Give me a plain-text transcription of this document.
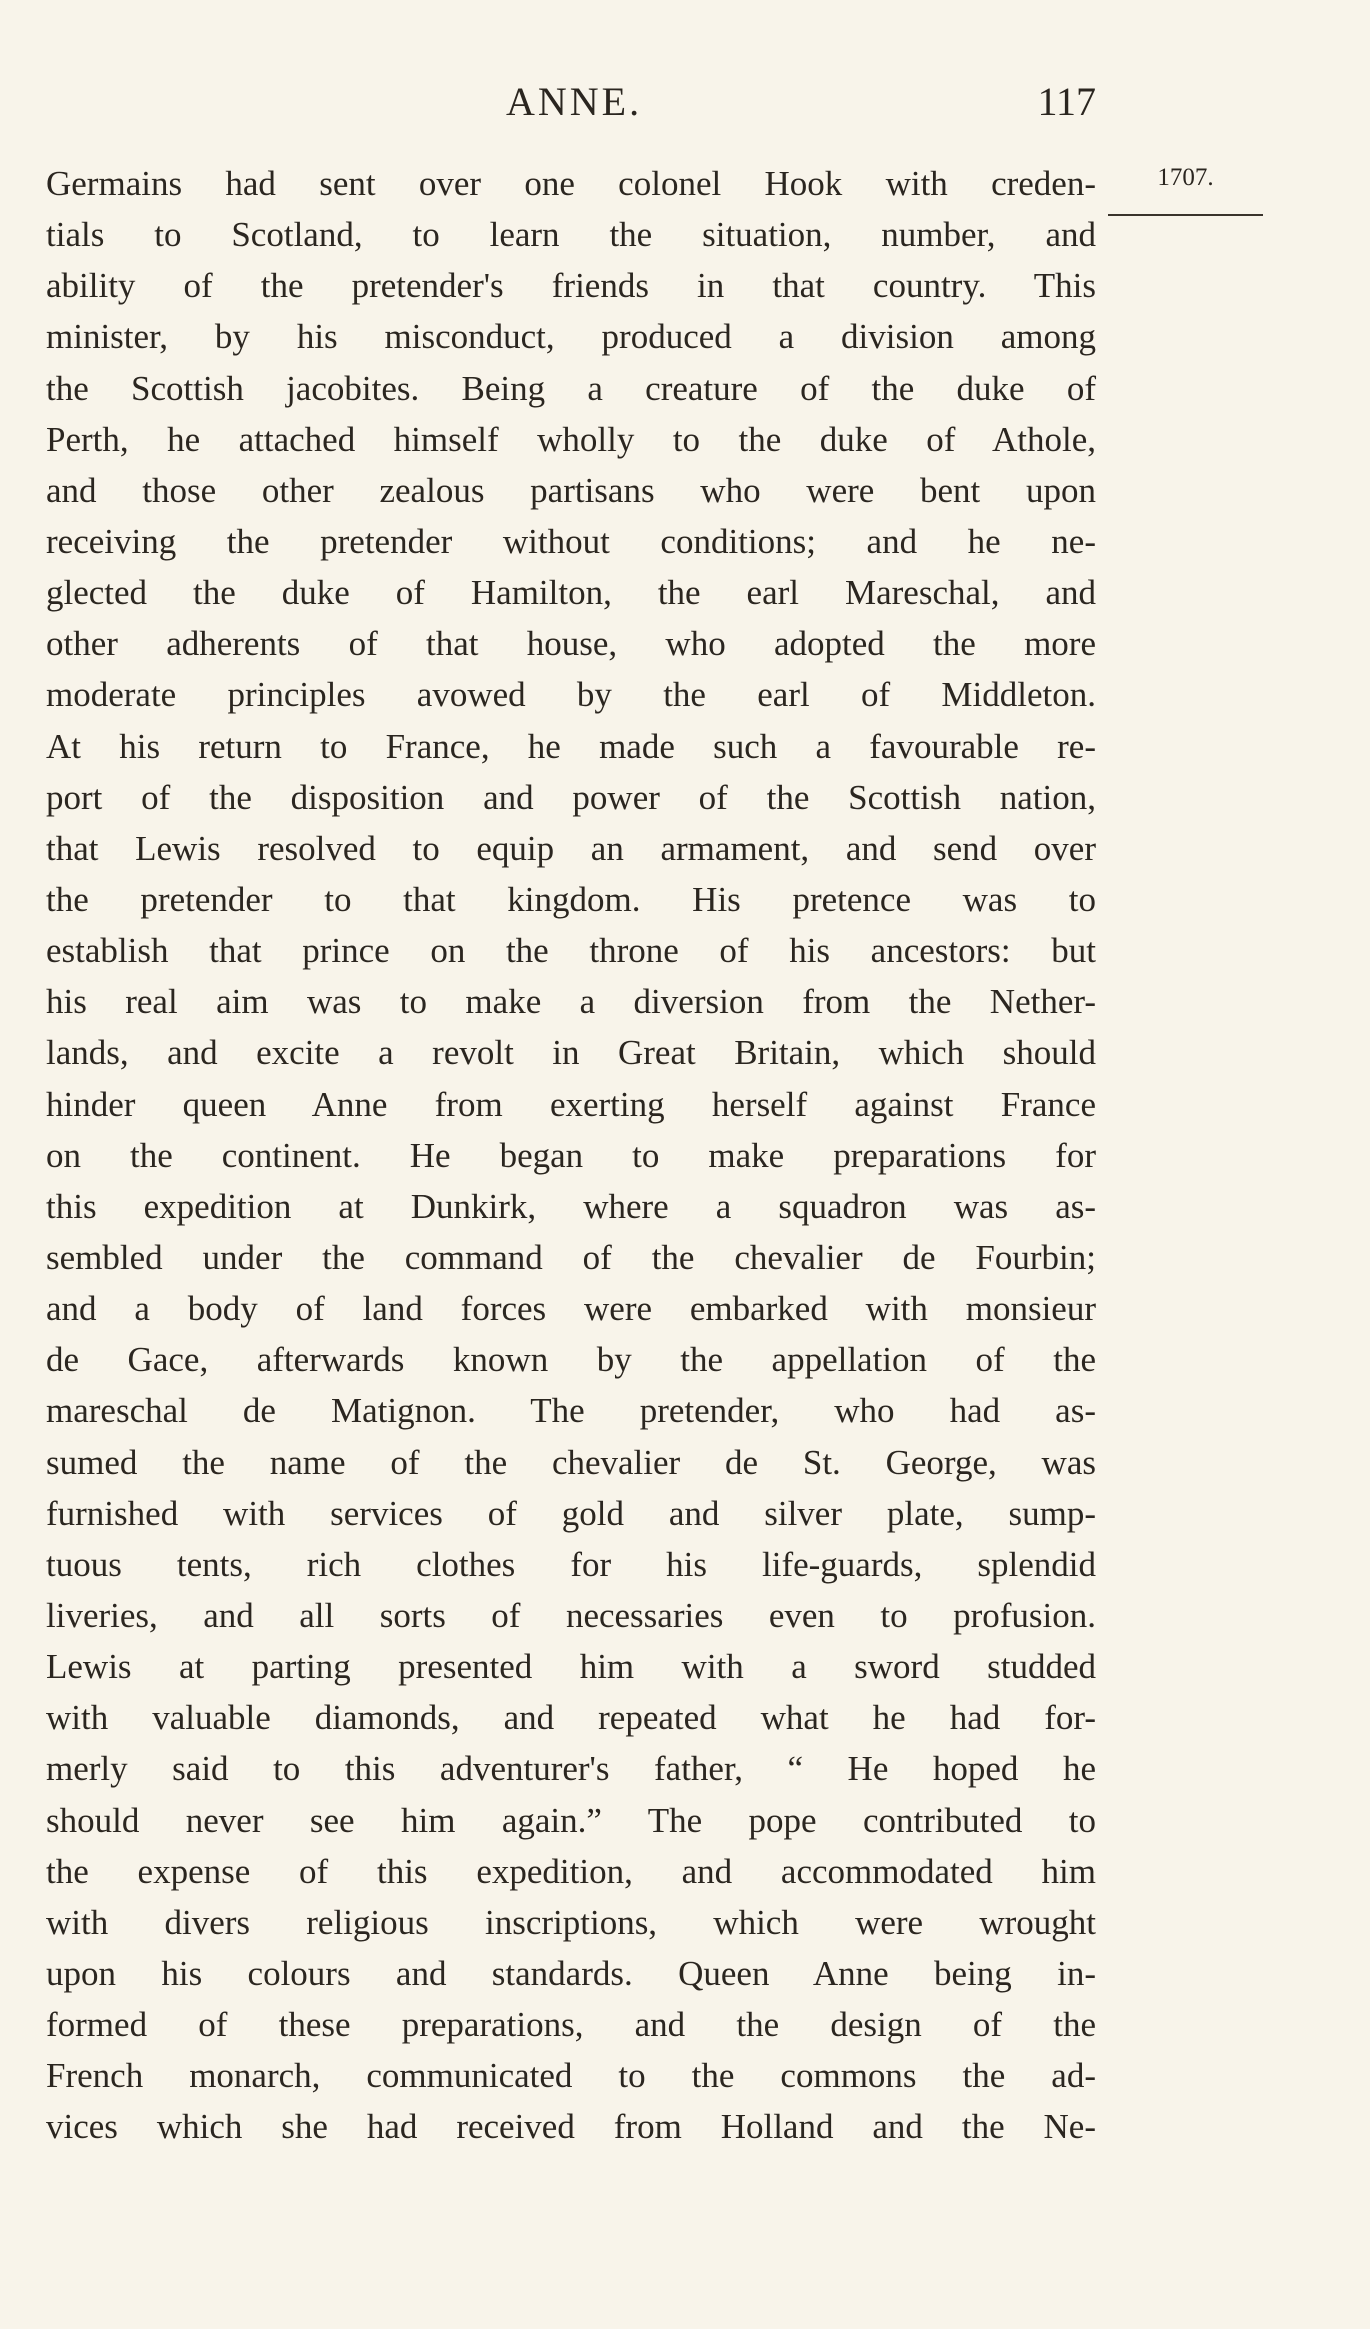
ANNE.	117
1707.
Germains had sent over one colonel Hook with creden-
tials to Scotland, to learn the situation, number, and
ability of the pretender's friends in that country. This
minister, by his misconduct, produced a division among
the Scottish jacobites. Being a creature of the duke of
Perth, he attached himself wholly to the duke of Athole,
and those other zealous partisans who were bent upon
receiving the pretender without conditions; and he ne-
glected the duke of Hamilton, the earl Mareschal, and
other adherents of that house, who adopted the more
moderate principles avowed by the earl of Middleton.
At his return to France, he made such a favourable re-
port of the disposition and power of the Scottish nation,
that Lewis resolved to equip an armament, and send over
the pretender to that kingdom. His pretence was to
establish that prince on the throne of his ancestors: but
his real aim was to make a diversion from the Nether-
lands, and excite a revolt in Great Britain, which should
hinder queen Anne from exerting herself against France
on the continent. He began to make preparations for
this expedition at Dunkirk, where a squadron was as-
sembled under the command of the chevalier de Fourbin;
and a body of land forces were embarked with monsieur
de Gace, afterwards known by the appellation of the
mareschal de Matignon. The pretender, who had as-
sumed the name of the chevalier de St. George, was
furnished with services of gold and silver plate, sump-
tuous tents, rich clothes for his life-guards, splendid
liveries, and all sorts of necessaries even to profusion.
Lewis at parting presented him with a sword studded
with valuable diamonds, and repeated what he had for-
merly said to this adventurer's father, “ He hoped he
should never see him again.” The pope contributed to
the expense of this expedition, and accommodated him
with divers religious inscriptions, which were wrought
upon his colours and standards. Queen Anne being in-
formed of these preparations, and the design of the
French monarch, communicated to the commons the ad-
vices which she had received from Holland and the Ne-
